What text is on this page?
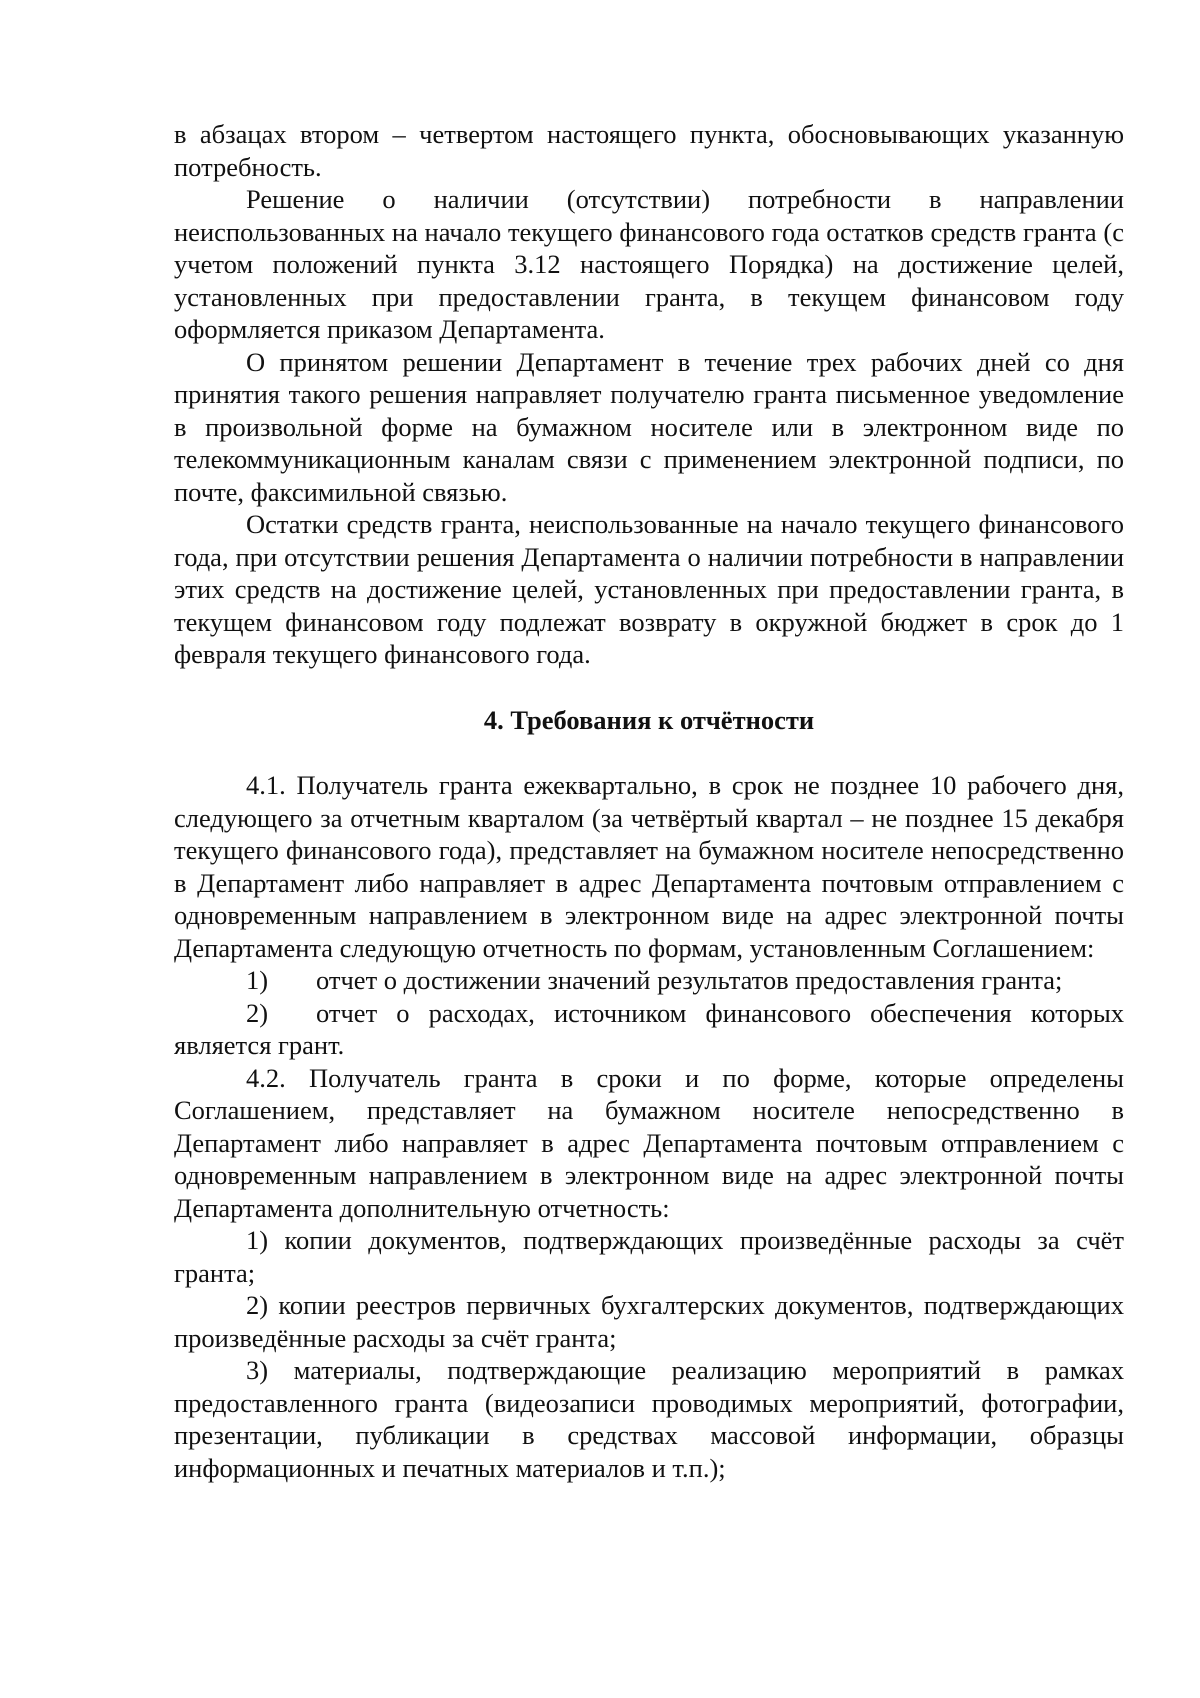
в абзацах втором – четвертом настоящего пункта, обосновывающих указанную потребность.

Решение о наличии (отсутствии) потребности в направлении неиспользованных на начало текущего финансового года остатков средств гранта (с учетом положений пункта 3.12 настоящего Порядка) на достижение целей, установленных при предоставлении гранта, в текущем финансовом году оформляется приказом Департамента.

О принятом решении Департамент в течение трех рабочих дней со дня принятия такого решения направляет получателю гранта письменное уведомление в произвольной форме на бумажном носителе или в электронном виде по телекоммуникационным каналам связи с применением электронной подписи, по почте, факсимильной связью.

Остатки средств гранта, неиспользованные на начало текущего финансового года, при отсутствии решения Департамента о наличии потребности в направлении этих средств на достижение целей, установленных при предоставлении гранта, в текущем финансовом году подлежат возврату в окружной бюджет в срок до 1 февраля текущего финансового года.

4. Требования к отчётности

4.1. Получатель гранта ежеквартально, в срок не позднее 10 рабочего дня, следующего за отчетным кварталом (за четвёртый квартал – не позднее 15 декабря текущего финансового года), представляет на бумажном носителе непосредственно в Департамент либо направляет в адрес Департамента почтовым отправлением с одновременным направлением в электронном виде на адрес электронной почты Департамента следующую отчетность по формам, установленным Соглашением:

1) отчет о достижении значений результатов предоставления гранта;

2) отчет о расходах, источником финансового обеспечения которых является грант.

4.2. Получатель гранта в сроки и по форме, которые определены Соглашением, представляет на бумажном носителе непосредственно в Департамент либо направляет в адрес Департамента почтовым отправлением с одновременным направлением в электронном виде на адрес электронной почты Департамента дополнительную отчетность:

1) копии документов, подтверждающих произведённые расходы за счёт гранта;

2) копии реестров первичных бухгалтерских документов, подтверждающих произведённые расходы за счёт гранта;

3) материалы, подтверждающие реализацию мероприятий в рамках предоставленного гранта (видеозаписи проводимых мероприятий, фотографии, презентации, публикации в средствах массовой информации, образцы информационных и печатных материалов и т.п.);
